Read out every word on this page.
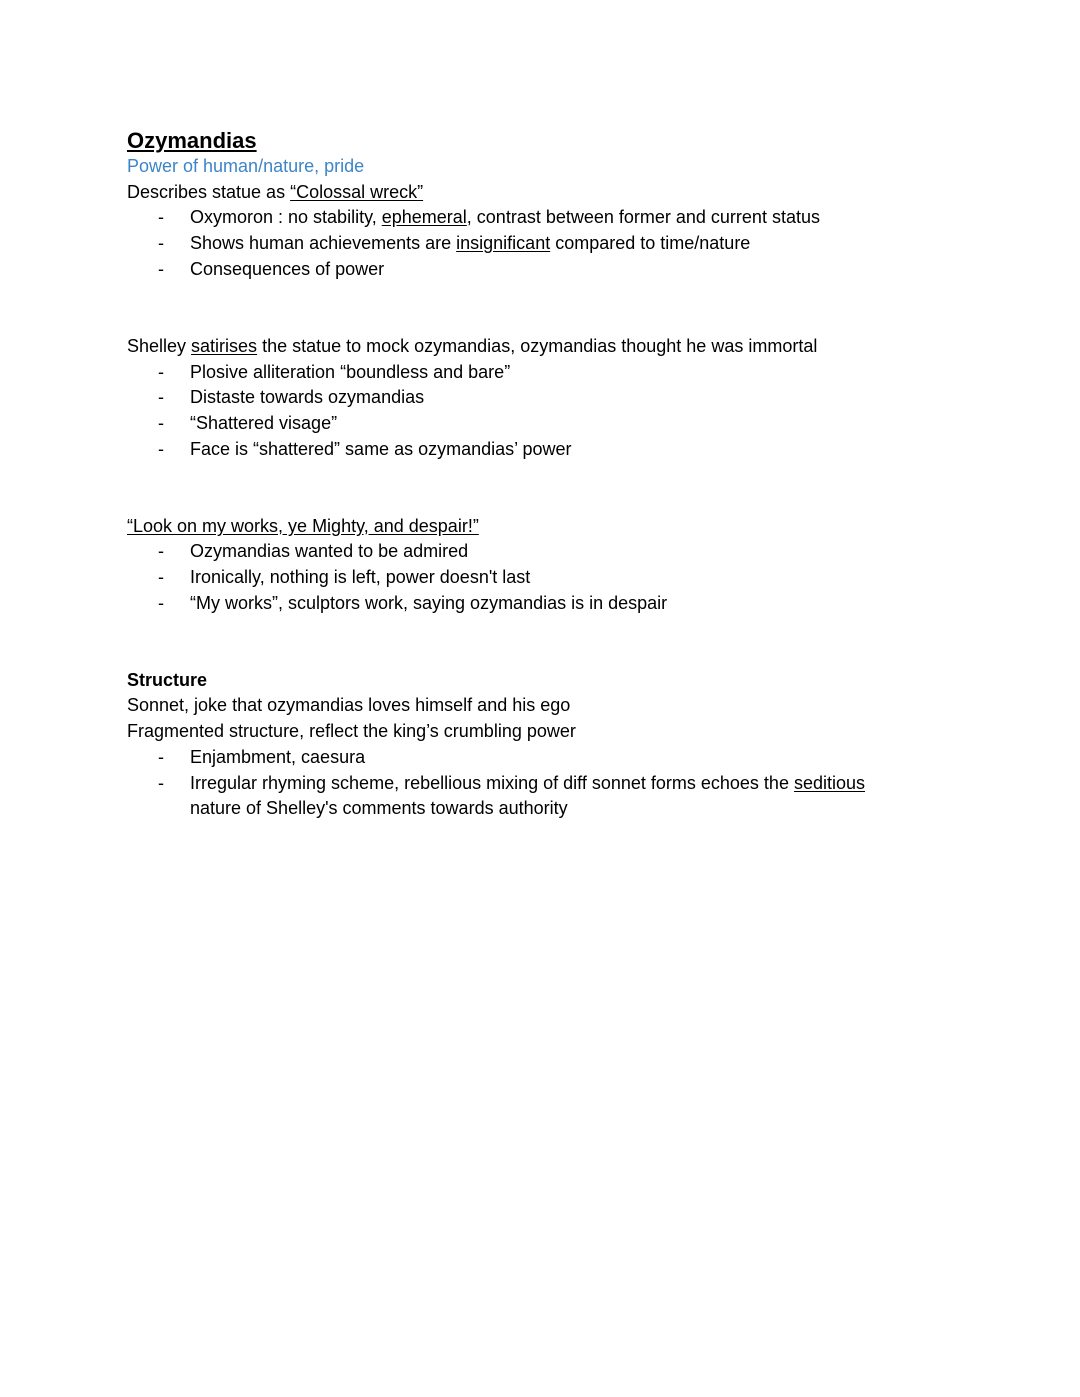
Ozymandias
Power of human/nature, pride
Describes statue as “Colossal wreck”
- Oxymoron : no stability, ephemeral, contrast between former and current status
- Shows human achievements are insignificant compared to time/nature
- Consequences of power
Shelley satirises the statue to mock ozymandias, ozymandias thought he was immortal
- Plosive alliteration “boundless and bare”
- Distaste towards ozymandias
- “Shattered visage”
- Face is “shattered” same as ozymandias’ power
“Look on my works, ye Mighty, and despair!”
- Ozymandias wanted to be admired
- Ironically, nothing is left, power doesn't last
- “My works”, sculptors work, saying ozymandias is in despair
Structure
Sonnet, joke that ozymandias loves himself and his ego
Fragmented structure, reflect the king’s crumbling power
- Enjambment, caesura
- Irregular rhyming scheme, rebellious mixing of diff sonnet forms echoes the seditious
nature of Shelley's comments towards authority
